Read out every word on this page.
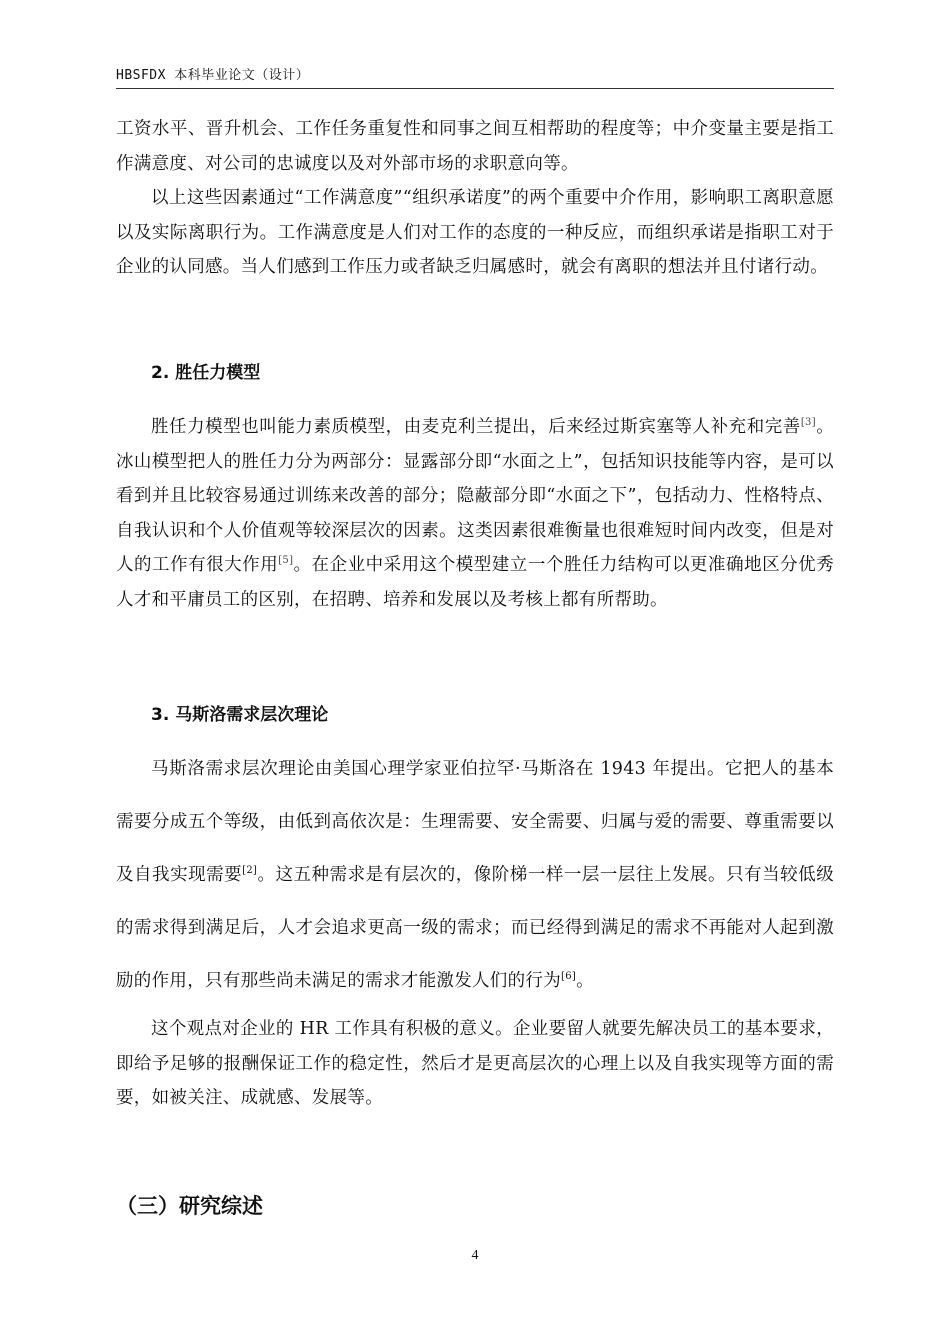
HBSFDX 本科毕业论文（设计）

工资水平、晋升机会、工作任务重复性和同事之间互相帮助的程度等；中介变量主要是指工作满意度、对公司的忠诚度以及对外部市场的求职意向等。

以上这些因素通过“工作满意度”“组织承诺度”的两个重要中介作用，影响职工离职意愿以及实际离职行为。工作满意度是人们对工作的态度的一种反应，而组织承诺是指职工对于企业的认同感。当人们感到工作压力或者缺乏归属感时，就会有离职的想法并且付诸行动。

2. 胜任力模型

胜任力模型也叫能力素质模型，由麦克利兰提出，后来经过斯宾塞等人补充和完善[3]。冰山模型把人的胜任力分为两部分：显露部分即“水面之上”，包括知识技能等内容，是可以看到并且比较容易通过训练来改善的部分；隐蔽部分即“水面之下”，包括动力、性格特点、自我认识和个人价值观等较深层次的因素。这类因素很难衡量也很难短时间内改变，但是对人的工作有很大作用[5]。在企业中采用这个模型建立一个胜任力结构可以更准确地区分优秀人才和平庸员工的区别，在招聘、培养和发展以及考核上都有所帮助。

3. 马斯洛需求层次理论

马斯洛需求层次理论由美国心理学家亚伯拉罕·马斯洛在 1943 年提出。它把人的基本需要分成五个等级，由低到高依次是：生理需要、安全需要、归属与爱的需要、尊重需要以及自我实现需要[2]。这五种需求是有层次的，像阶梯一样一层一层往上发展。只有当较低级的需求得到满足后，人才会追求更高一级的需求；而已经得到满足的需求不再能对人起到激励的作用，只有那些尚未满足的需求才能激发人们的行为[6]。

这个观点对企业的 HR 工作具有积极的意义。企业要留人就要先解决员工的基本要求，即给予足够的报酬保证工作的稳定性，然后才是更高层次的心理上以及自我实现等方面的需要，如被关注、成就感、发展等。

（三）研究综述
4
